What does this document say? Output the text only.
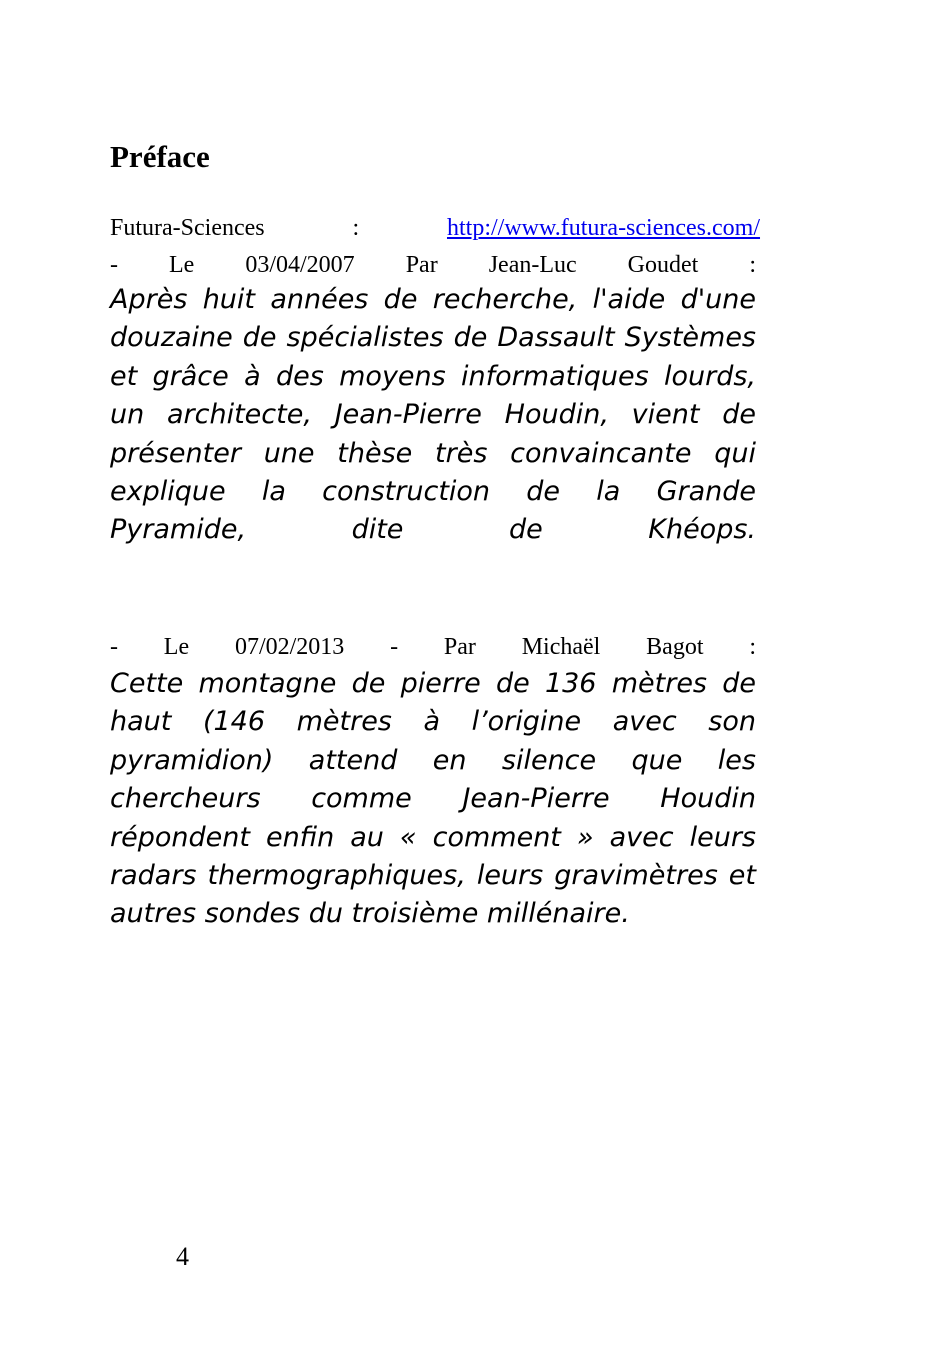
Préface
Futura-Sciences	:	http://www.futura-sciences.com/
- Le 03/04/2007 Par Jean-Luc Goudet :

Après huit années de recherche, l'aide d'une douzaine de spécialistes de Dassault Systèmes et grâce à des moyens informatiques lourds, un architecte, Jean-Pierre Houdin, vient de présenter une thèse très convaincante qui explique la construction de la Grande Pyramide, dite de Khéops.

- Le 07/02/2013 - Par Michaël Bagot :

Cette montagne de pierre de 136 mètres de haut (146 mètres à l’origine avec son pyramidion) attend en silence que les chercheurs comme Jean-Pierre Houdin répondent enfin au « comment » avec leurs radars thermographiques, leurs gravimètres et autres sondes du troisième millénaire.

4
